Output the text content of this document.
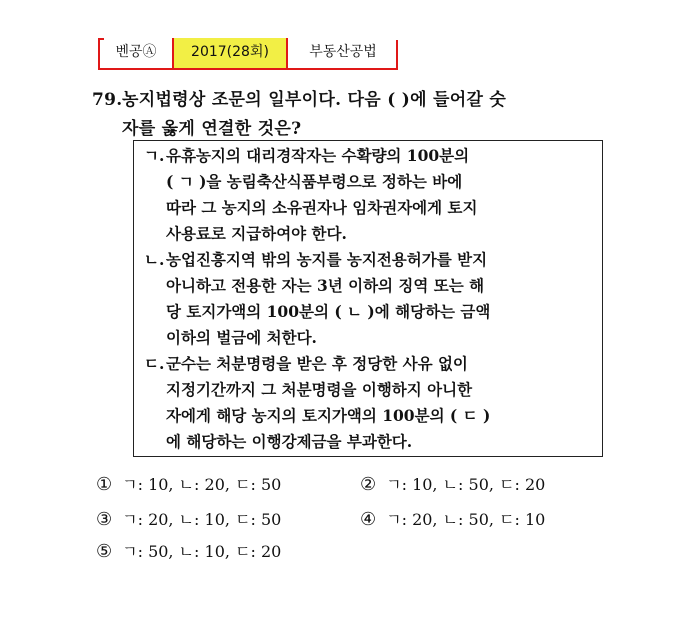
벤공Ⓐ	2017(28회)	부동산공법
79. 농지법령상 조문의 일부이다. 다음 ( )에 들어갈 숫
자를 옳게 연결한 것은?
ㄱ. 유휴농지의 대리경작자는 수확량의 100분의
( ㄱ )을 농림축산식품부령으로 정하는 바에
따라 그 농지의 소유권자나 임차권자에게 토지
사용료로 지급하여야 한다.
ㄴ. 농업진흥지역 밖의 농지를 농지전용허가를 받지
아니하고 전용한 자는 3년 이하의 징역 또는 해
당 토지가액의 100분의 ( ㄴ )에 해당하는 금액
이하의 벌금에 처한다.
ㄷ. 군수는 처분명령을 받은 후 정당한 사유 없이
지정기간까지 그 처분명령을 이행하지 아니한
자에게 해당 농지의 토지가액의 100분의 ( ㄷ )
에 해당하는 이행강제금을 부과한다.
① ㄱ: 10, ㄴ: 20, ㄷ: 50	② ㄱ: 10, ㄴ: 50, ㄷ: 20
③ ㄱ: 20, ㄴ: 10, ㄷ: 50	④ ㄱ: 20, ㄴ: 50, ㄷ: 10
⑤ ㄱ: 50, ㄴ: 10, ㄷ: 20
